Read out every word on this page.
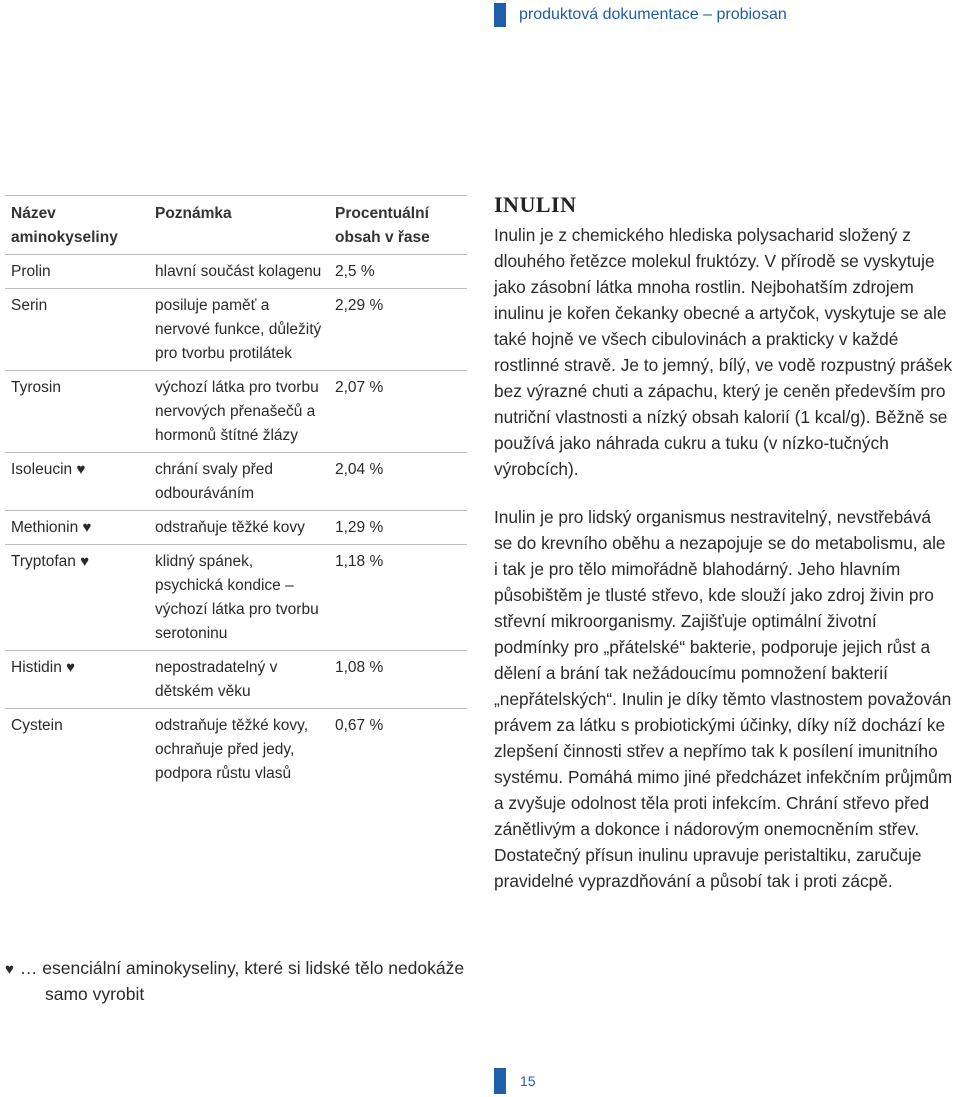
produktová dokumentace – probiosan
Název aminokyseliny	Poznámka	Procentuální obsah v řase
Prolin	hlavní součást kolagenu	2,5 %
Serin	posiluje paměť a nervové funkce, důležitý pro tvorbu protilátek	2,29 %
Tyrosin	výchozí látka pro tvorbu nervových přenašečů a hormonů štítné žlázy	2,07 %
Isoleucin ♥	chrání svaly před odbouráváním	2,04 %
Methionin ♥	odstraňuje těžké kovy	1,29 %
Tryptofan ♥	klidný spánek, psychická kondice – výchozí látka pro tvorbu serotoninu	1,18 %
Histidin ♥	nepostradatelný v dětském věku	1,08 %
Cystein	odstraňuje těžké kovy, ochraňuje před jedy, podpora růstu vlasů	0,67 %
♥ … esenciální aminokyseliny, které si lidské tělo nedokáže samo vyrobit
INULIN

Inulin je z chemického hlediska polysacharid složený z dlouhého řetězce molekul fruktózy. V přírodě se vyskytuje jako zásobní látka mnoha rostlin. Nejbohatším zdrojem inulinu je kořen čekanky obecné a artyčok, vyskytuje se ale také hojně ve všech cibulovinách a prakticky v každé rostlinné stravě. Je to jemný, bílý, ve vodě rozpustný prášek bez výrazné chuti a zápachu, který je ceněn především pro nutriční vlastnosti a nízký obsah kalorií (1 kcal/g). Běžně se používá jako náhrada cukru a tuku (v nízko-tučných výrobcích).

Inulin je pro lidský organismus nestravitelný, nevstřebává se do krevního oběhu a nezapojuje se do metabolismu, ale i tak je pro tělo mimořádně blahodárný. Jeho hlavním působištěm je tlusté střevo, kde slouží jako zdroj živin pro střevní mikroorganismy. Zajišťuje optimální životní podmínky pro „přátelské“ bakterie, podporuje jejich růst a dělení a brání tak nežádoucímu pomnožení bakterií „nepřátelských“. Inulin je díky těmto vlastnostem považován právem za látku s probiotickými účinky, díky níž dochází ke zlepšení činnosti střev a nepřímo tak k posílení imunitního systému. Pomáhá mimo jiné předcházet infekčním průjmům a zvyšuje odolnost těla proti infekcím. Chrání střevo před zánětlivým a dokonce i nádorovým onemocněním střev. Dostatečný přísun inulinu upravuje peristaltiku, zaručuje pravidelné vyprazdňování a působí tak i proti zácpě.

15
